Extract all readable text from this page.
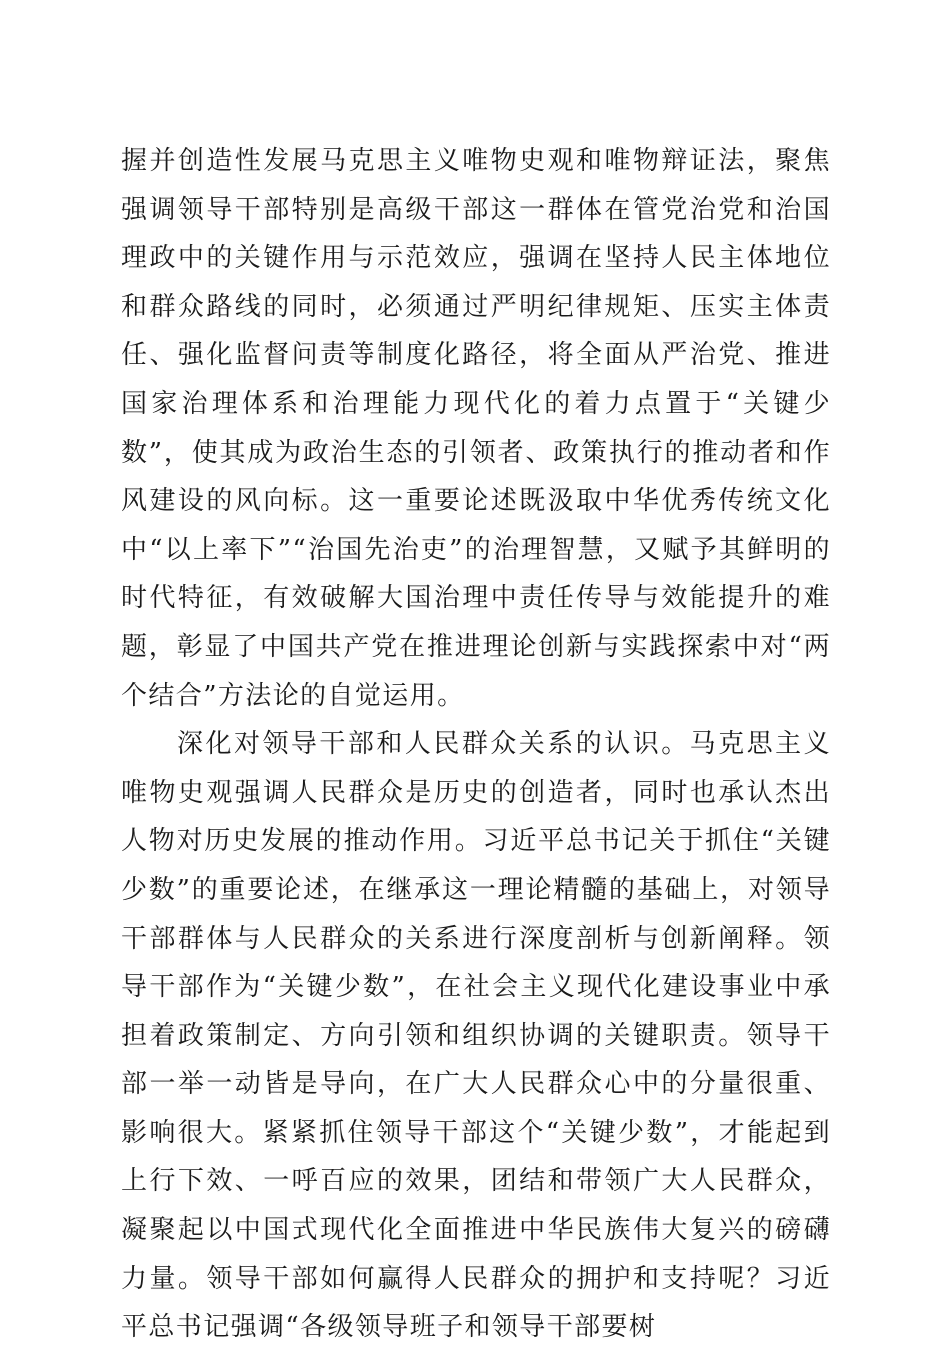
握并创造性发展马克思主义唯物史观和唯物辩证法，聚焦强调领导干部特别是高级干部这一群体在管党治党和治国理政中的关键作用与示范效应，强调在坚持人民主体地位和群众路线的同时，必须通过严明纪律规矩、压实主体责任、强化监督问责等制度化路径，将全面从严治党、推进国家治理体系和治理能力现代化的着力点置于“关键少数”，使其成为政治生态的引领者、政策执行的推动者和作风建设的风向标。这一重要论述既汲取中华优秀传统文化中“以上率下”“治国先治吏”的治理智慧，又赋予其鲜明的时代特征，有效破解大国治理中责任传导与效能提升的难题，彰显了中国共产党在推进理论创新与实践探索中对“两个结合”方法论的自觉运用。

深化对领导干部和人民群众关系的认识。马克思主义唯物史观强调人民群众是历史的创造者，同时也承认杰出人物对历史发展的推动作用。习近平总书记关于抓住“关键少数”的重要论述，在继承这一理论精髓的基础上，对领导干部群体与人民群众的关系进行深度剖析与创新阐释。领导干部作为“关键少数”，在社会主义现代化建设事业中承担着政策制定、方向引领和组织协调的关键职责。领导干部一举一动皆是导向，在广大人民群众心中的分量很重、影响很大。紧紧抓住领导干部这个“关键少数”，才能起到上行下效、一呼百应的效果，团结和带领广大人民群众，凝聚起以中国式现代化全面推进中华民族伟大复兴的磅礴力量。领导干部如何赢得人民群众的拥护和支持呢？习近平总书记强调“各级领导班子和领导干部要树
